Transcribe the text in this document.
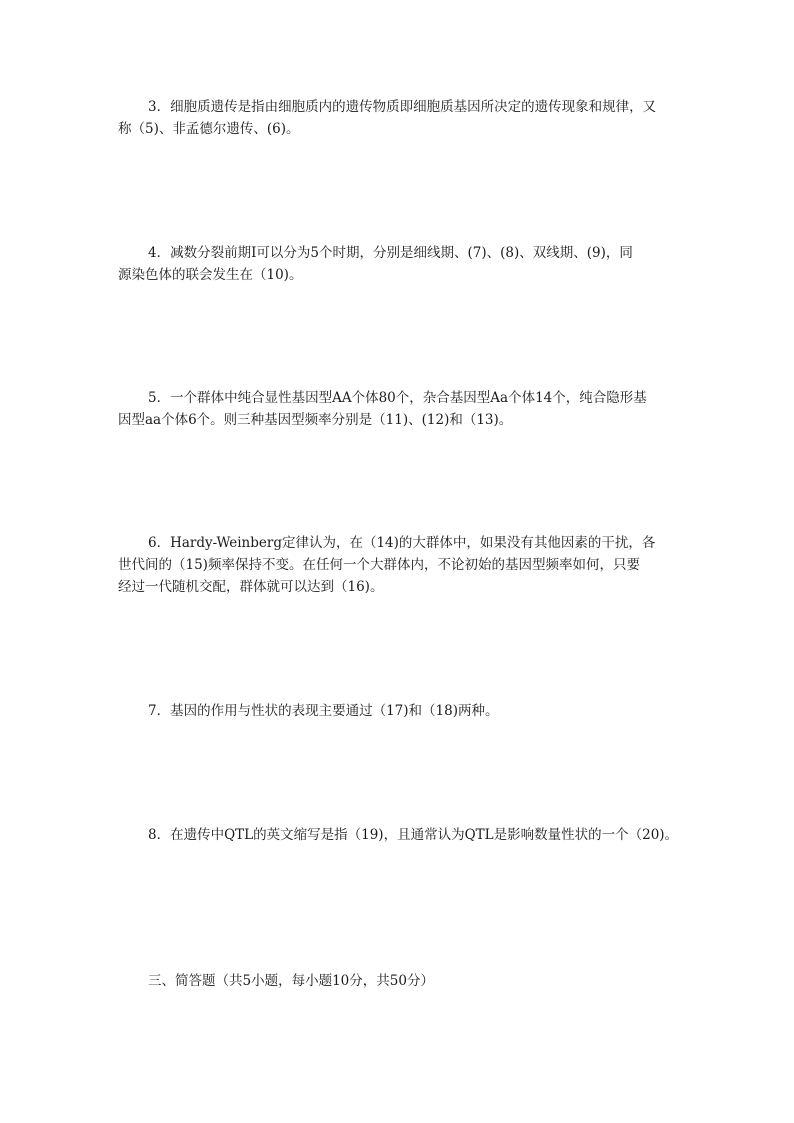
3．细胞质遗传是指由细胞质内的遗传物质即细胞质基因所决定的遗传现象和规律，又
称（5)、非孟德尔遗传、(6)。
4．减数分裂前期Ⅰ可以分为5个时期，分别是细线期、(7)、(8)、双线期、(9)，同
源染色体的联会发生在（10)。
5．一个群体中纯合显性基因型AA个体80个，杂合基因型Aa个体14个，纯合隐形基
因型aa个体6个。则三种基因型频率分别是（11)、(12)和（13)。
6．Hardy-Weinberg定律认为，在（14)的大群体中，如果没有其他因素的干扰，各
世代间的（15)频率保持不变。在任何一个大群体内，不论初始的基因型频率如何，只要
经过一代随机交配，群体就可以达到（16)。
7．基因的作用与性状的表现主要通过（17)和（18)两种。
8．在遗传中QTL的英文缩写是指（19)，且通常认为QTL是影响数量性状的一个（20)。
三、简答题（共5小题，每小题10分，共50分）
